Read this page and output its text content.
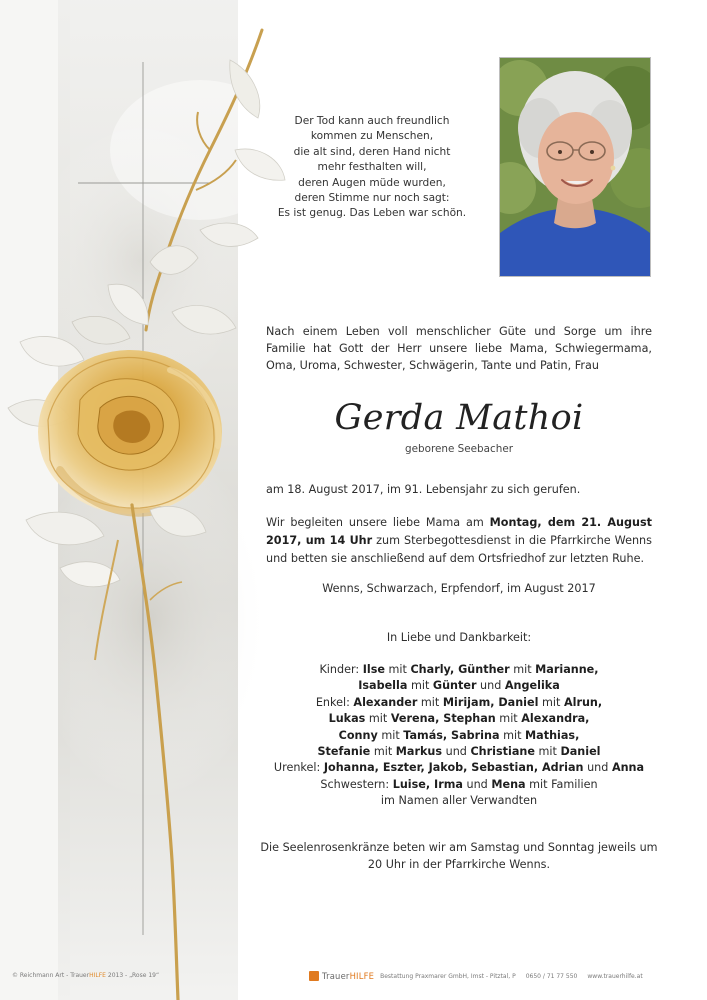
Der Tod kann auch freundlich
kommen zu Menschen,
die alt sind, deren Hand nicht
mehr festhalten will,
deren Augen müde wurden,
deren Stimme nur noch sagt:
Es ist genug. Das Leben war schön.
Nach einem Leben voll menschlicher Güte und Sorge um ihre Familie hat Gott der Herr unsere liebe Mama, Schwiegermama, Oma, Uroma, Schwester, Schwägerin, Tante und Patin, Frau
Gerda Mathoi
geborene Seebacher
am 18. August 2017, im 91. Lebensjahr zu sich gerufen.
Wir begleiten unsere liebe Mama am Montag, dem 21. August 2017, um 14 Uhr zum Sterbegottesdienst in die Pfarrkirche Wenns und betten sie anschließend auf dem Ortsfriedhof zur letzten Ruhe.
Wenns, Schwarzach, Erpfendorf, im August 2017
In Liebe und Dankbarkeit:
Kinder: Ilse mit Charly, Günther mit Marianne,
Isabella mit Günter und Angelika
Enkel: Alexander mit Mirijam, Daniel mit Alrun,
Lukas mit Verena, Stephan mit Alexandra,
Conny mit Tamás, Sabrina mit Mathias,
Stefanie mit Markus und Christiane mit Daniel
Urenkel: Johanna, Eszter, Jakob, Sebastian, Adrian und Anna
Schwestern: Luise, Irma und Mena mit Familien
im Namen aller Verwandten
Die Seelenrosenkränze beten wir am Samstag und Sonntag jeweils um 20 Uhr in der Pfarrkirche Wenns.
© Reichmann Art - TrauerHILFE 2013 - „Rose 19“	TrauerHILFE Bestattung Praxmarer GmbH, Imst - Pitztal, P 0650 / 71 77 550 www.trauerhilfe.at
